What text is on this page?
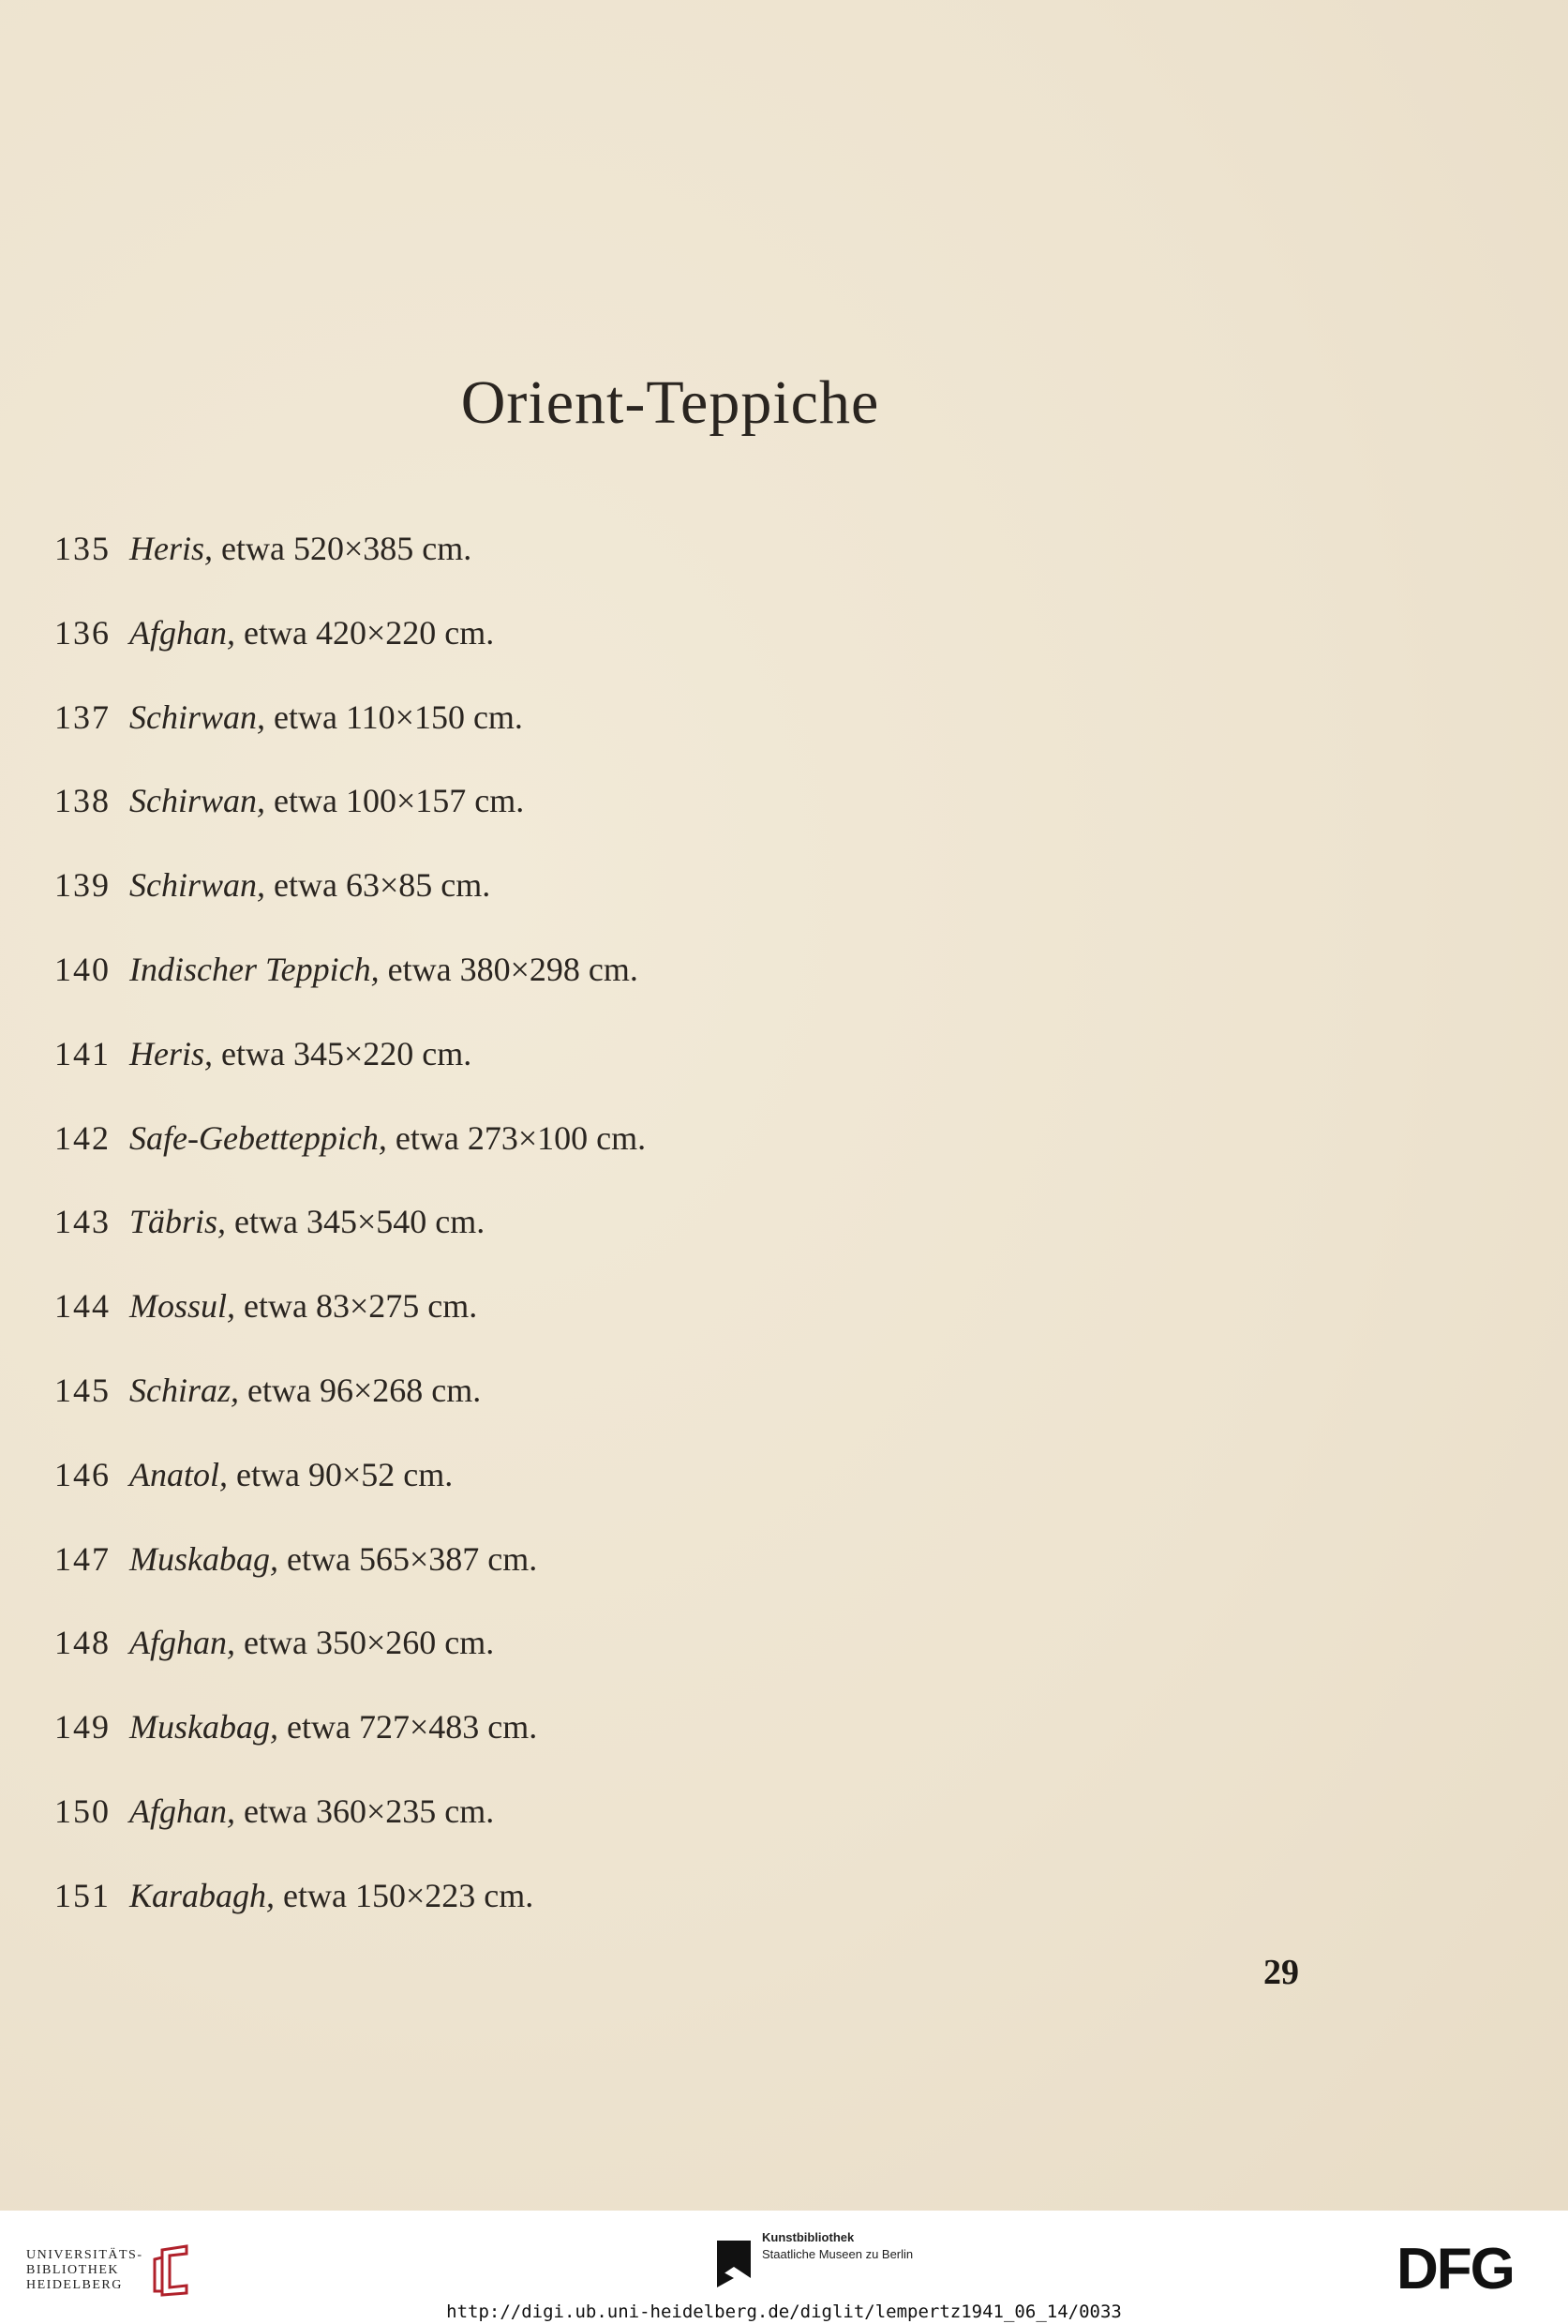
Orient-Teppiche
135 Heris, etwa 520×385 cm.
136 Afghan, etwa 420×220 cm.
137 Schirwan, etwa 110×150 cm.
138 Schirwan, etwa 100×157 cm.
139 Schirwan, etwa 63×85 cm.
140 Indischer Teppich, etwa 380×298 cm.
141 Heris, etwa 345×220 cm.
142 Safe-Gebetteppich, etwa 273×100 cm.
143 Täbris, etwa 345×540 cm.
144 Mossul, etwa 83×275 cm.
145 Schiraz, etwa 96×268 cm.
146 Anatol, etwa 90×52 cm.
147 Muskabag, etwa 565×387 cm.
148 Afghan, etwa 350×260 cm.
149 Muskabag, etwa 727×483 cm.
150 Afghan, etwa 360×235 cm.
151 Karabagh, etwa 150×223 cm.
29
UNIVERSITÄTS-
BIBLIOTHEK
HEIDELBERG
Kunstbibliothek
Staatliche Museen zu Berlin	DFG
http://digi.ub.uni-heidelberg.de/diglit/lempertz1941_06_14/0033
